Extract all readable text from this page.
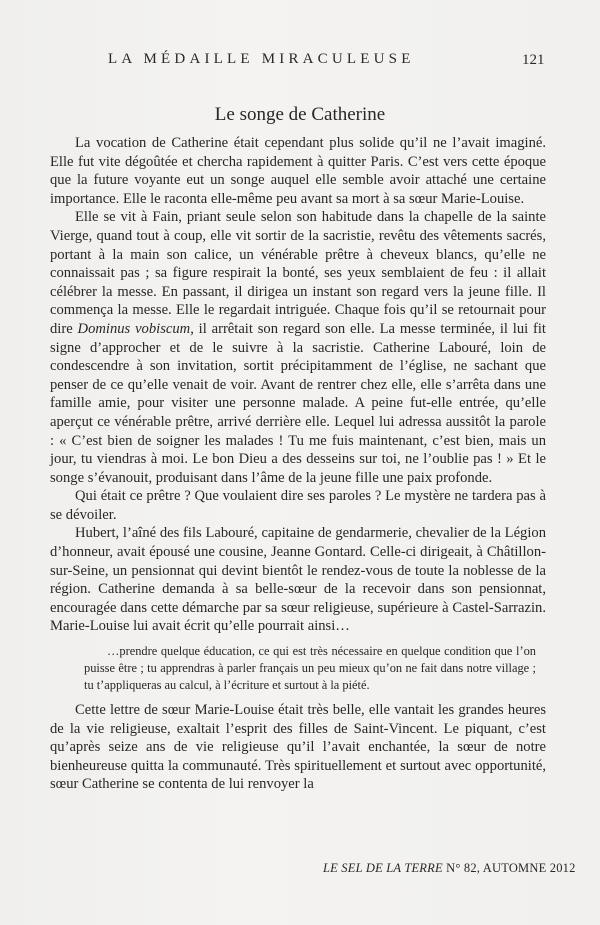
LA MÉDAILLE MIRACULEUSE	121
Le songe de Catherine

La vocation de Catherine était cependant plus solide qu’il ne l’avait imaginé. Elle fut vite dégoûtée et chercha rapidement à quitter Paris. C’est vers cette époque que la future voyante eut un songe auquel elle semble avoir attaché une certaine importance. Elle le raconta elle-même peu avant sa mort à sa sœur Marie-Louise.

Elle se vit à Fain, priant seule selon son habitude dans la chapelle de la sainte Vierge, quand tout à coup, elle vit sortir de la sacristie, revêtu des vêtements sacrés, portant à la main son calice, un vénérable prêtre à cheveux blancs, qu’elle ne connaissait pas ; sa figure respirait la bonté, ses yeux semblaient de feu : il allait célébrer la messe. En passant, il dirigea un instant son regard vers la jeune fille. Il commença la messe. Elle le regardait intriguée. Chaque fois qu’il se retournait pour dire Dominus vobiscum, il arrêtait son regard son elle. La messe terminée, il lui fit signe d’approcher et de le suivre à la sacristie. Catherine Labouré, loin de condescendre à son invitation, sortit précipitamment de l’église, ne sachant que penser de ce qu’elle venait de voir. Avant de rentrer chez elle, elle s’arrêta dans une famille amie, pour visiter une personne malade. A peine fut-elle entrée, qu’elle aperçut ce vénérable prêtre, arrivé derrière elle. Lequel lui adressa aussitôt la parole : « C’est bien de soigner les malades ! Tu me fuis maintenant, c’est bien, mais un jour, tu viendras à moi. Le bon Dieu a des desseins sur toi, ne l’oublie pas ! » Et le songe s’évanouit, produisant dans l’âme de la jeune fille une paix profonde.

Qui était ce prêtre ? Que voulaient dire ses paroles ? Le mystère ne tardera pas à se dévoiler.

Hubert, l’aîné des fils Labouré, capitaine de gendarmerie, chevalier de la Légion d’honneur, avait épousé une cousine, Jeanne Gontard. Celle-ci dirigeait, à Châtillon-sur-Seine, un pensionnat qui devint bientôt le rendez-vous de toute la noblesse de la région. Catherine demanda à sa belle-sœur de la recevoir dans son pensionnat, encouragée dans cette démarche par sa sœur religieuse, supérieure à Castel-Sarrazin. Marie-Louise lui avait écrit qu’elle pourrait ainsi…

…prendre quelque éducation, ce qui est très nécessaire en quelque condition que l’on puisse être ; tu apprendras à parler français un peu mieux qu’on ne fait dans notre village ; tu t’appliqueras au calcul, à l’écriture et surtout à la piété.

Cette lettre de sœur Marie-Louise était très belle, elle vantait les grandes heures de la vie religieuse, exaltait l’esprit des filles de Saint-Vincent. Le piquant, c’est qu’après seize ans de vie religieuse qu’il l’avait enchantée, la sœur de notre bienheureuse quitta la communauté. Très spirituellement et surtout avec opportunité, sœur Catherine se contenta de lui renvoyer la

LE SEL DE LA TERRE N° 82, AUTOMNE 2012
